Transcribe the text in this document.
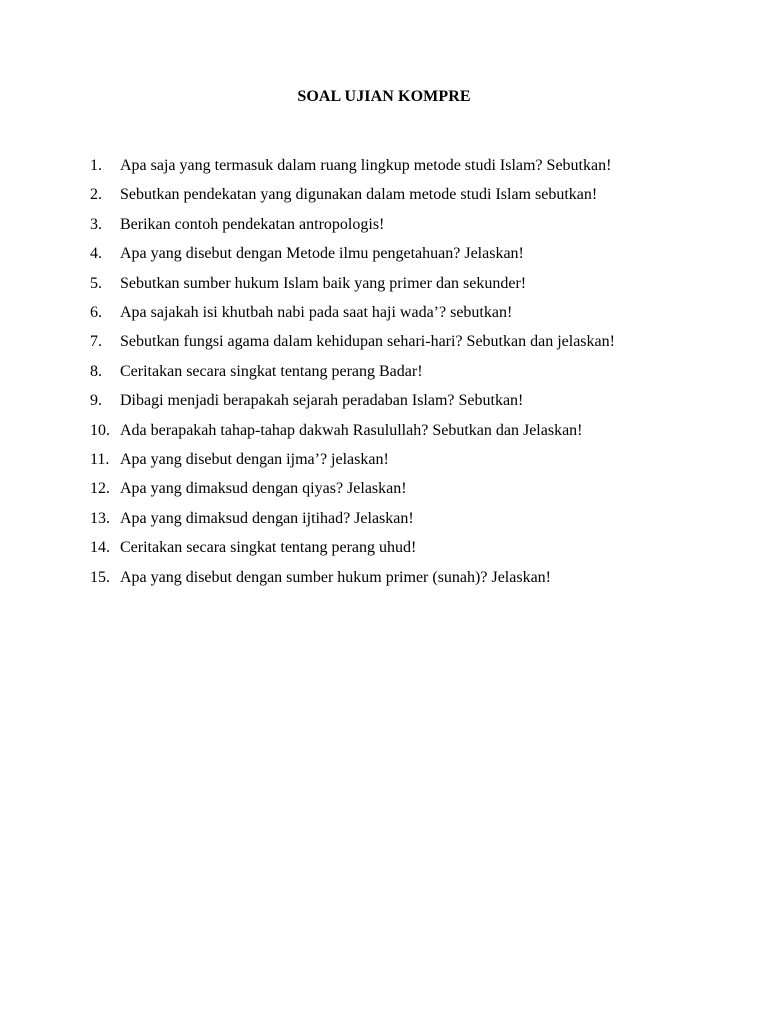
SOAL UJIAN KOMPRE
1.	Apa saja yang termasuk dalam ruang lingkup metode studi Islam? Sebutkan!
2.	Sebutkan pendekatan yang digunakan dalam metode studi Islam sebutkan!
3.	Berikan contoh pendekatan antropologis!
4.	Apa yang disebut dengan Metode ilmu pengetahuan? Jelaskan!
5.	Sebutkan sumber hukum Islam baik yang primer dan sekunder!
6.	Apa sajakah isi khutbah nabi pada saat haji wada’? sebutkan!
7.	Sebutkan fungsi agama dalam kehidupan sehari-hari? Sebutkan dan jelaskan!
8.	Ceritakan secara singkat tentang perang Badar!
9.	Dibagi menjadi berapakah sejarah peradaban Islam? Sebutkan!
10. Ada berapakah tahap-tahap dakwah Rasulullah? Sebutkan dan Jelaskan!
11. Apa yang disebut dengan ijma’? jelaskan!
12. Apa yang dimaksud dengan qiyas? Jelaskan!
13. Apa yang dimaksud dengan ijtihad? Jelaskan!
14. Ceritakan secara singkat tentang perang uhud!
15. Apa yang disebut dengan sumber hukum primer (sunah)? Jelaskan!
